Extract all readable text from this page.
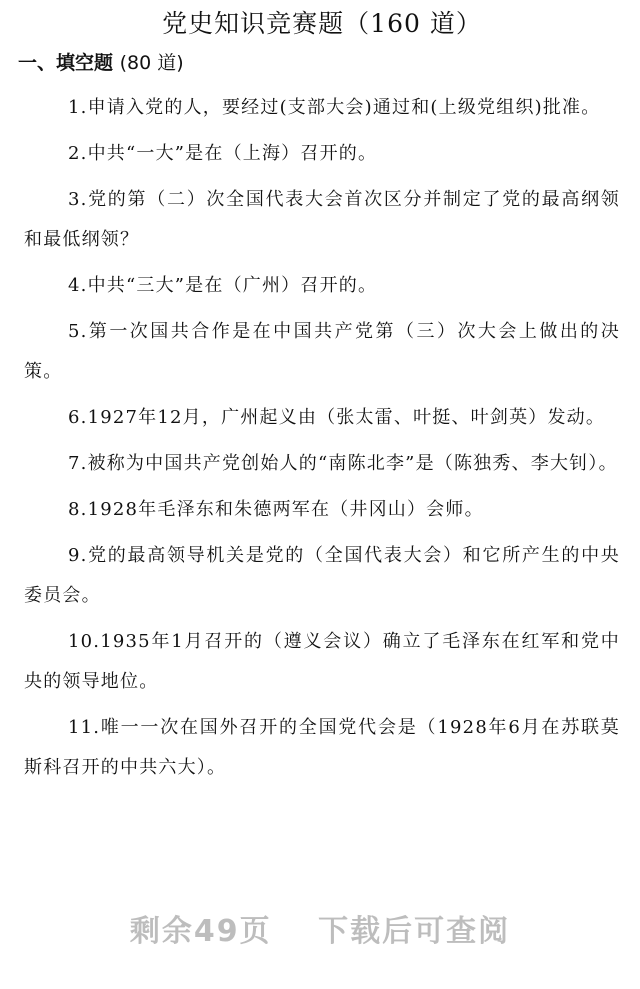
党史知识竞赛题（160 道）
一、填空题 (80 道)

1.申请入党的人，要经过(支部大会)通过和(上级党组织)批准。

2.中共“一大”是在（上海）召开的。

3.党的第（二）次全国代表大会首次区分并制定了党的最高纲领和最低纲领？

4.中共“三大”是在（广州）召开的。

5.第一次国共合作是在中国共产党第（三）次大会上做出的决策。

6.1927年12月，广州起义由（张太雷、叶挺、叶剑英）发动。

7.被称为中国共产党创始人的“南陈北李”是（陈独秀、李大钊）。

8.1928年毛泽东和朱德两军在（井冈山）会师。

9.党的最高领导机关是党的（全国代表大会）和它所产生的中央委员会。

10.1935年1月召开的（遵义会议）确立了毛泽东在红军和党中央的领导地位。

11.唯一一次在国外召开的全国党代会是（1928年6月在苏联莫斯科召开的中共六大）。

剩余49页 下载后可查阅
